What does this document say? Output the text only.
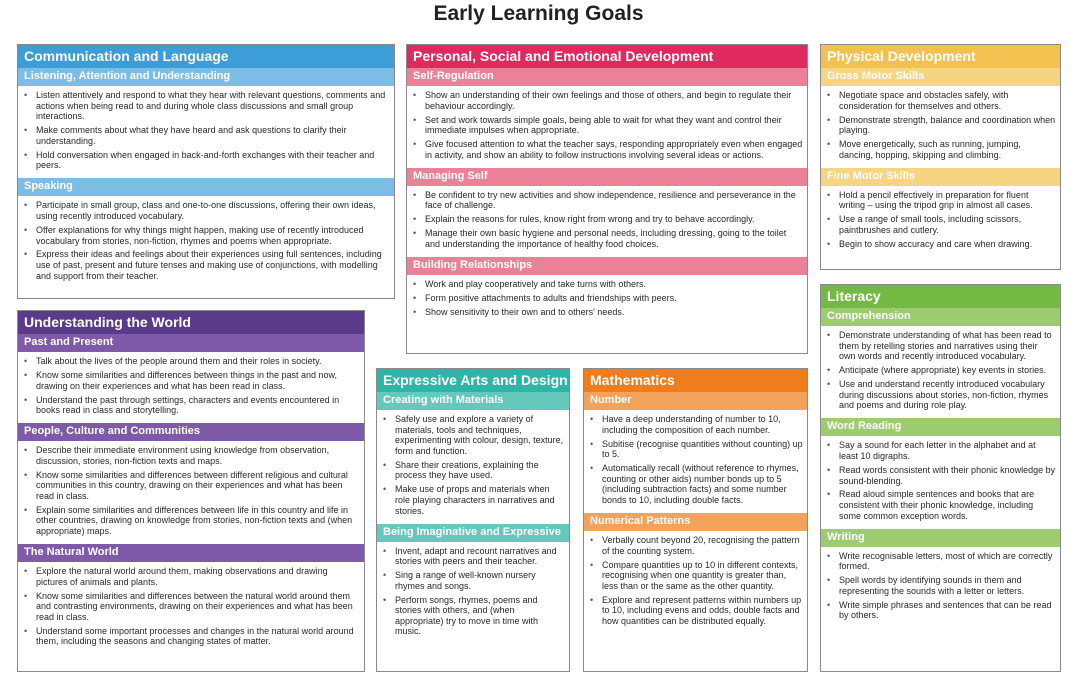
Early Learning Goals
Communication and Language
Listening, Attention and Understanding
• Listen attentively and respond to what they hear with relevant questions, comments and actions when being read to and during whole class discussions and small group interactions.
• Make comments about what they have heard and ask questions to clarify their understanding.
• Hold conversation when engaged in back-and-forth exchanges with their teacher and peers.
Speaking
• Participate in small group, class and one-to-one discussions, offering their own ideas, using recently introduced vocabulary.
• Offer explanations for why things might happen, making use of recently introduced vocabulary from stories, non-fiction, rhymes and poems when appropriate.
• Express their ideas and feelings about their experiences using full sentences, including use of past, present and future tenses and making use of conjunctions, with modelling and support from their teacher.
Personal, Social and Emotional Development
Self-Regulation
• Show an understanding of their own feelings and those of others, and begin to regulate their behaviour accordingly.
• Set and work towards simple goals, being able to wait for what they want and control their immediate impulses when appropriate.
• Give focused attention to what the teacher says, responding appropriately even when engaged in activity, and show an ability to follow instructions involving several ideas or actions.
Managing Self
• Be confident to try new activities and show independence, resilience and perseverance in the face of challenge.
• Explain the reasons for rules, know right from wrong and try to behave accordingly.
• Manage their own basic hygiene and personal needs, including dressing, going to the toilet and understanding the importance of healthy food choices.
Building Relationships
• Work and play cooperatively and take turns with others.
• Form positive attachments to adults and friendships with peers.
• Show sensitivity to their own and to others' needs.
Physical Development
Gross Motor Skills
• Negotiate space and obstacles safely, with consideration for themselves and others.
• Demonstrate strength, balance and coordination when playing.
• Move energetically, such as running, jumping, dancing, hopping, skipping and climbing.
Fine Motor Skills
• Hold a pencil effectively in preparation for fluent writing – using the tripod grip in almost all cases.
• Use a range of small tools, including scissors, paintbrushes and cutlery.
• Begin to show accuracy and care when drawing.
Literacy
Comprehension
• Demonstrate understanding of what has been read to them by retelling stories and narratives using their own words and recently introduced vocabulary.
• Anticipate (where appropriate) key events in stories.
• Use and understand recently introduced vocabulary during discussions about stories, non-fiction, rhymes and poems and during role play.
Word Reading
• Say a sound for each letter in the alphabet and at least 10 digraphs.
• Read words consistent with their phonic knowledge by sound-blending.
• Read aloud simple sentences and books that are consistent with their phonic knowledge, including some common exception words.
Writing
• Write recognisable letters, most of which are correctly formed.
• Spell words by identifying sounds in them and representing the sounds with a letter or letters.
• Write simple phrases and sentences that can be read by others.
Understanding the World
Past and Present
• Talk about the lives of the people around them and their roles in society.
• Know some similarities and differences between things in the past and now, drawing on their experiences and what has been read in class.
• Understand the past through settings, characters and events encountered in books read in class and storytelling.
People, Culture and Communities
• Describe their immediate environment using knowledge from observation, discussion, stories, non-fiction texts and maps.
• Know some similarities and differences between different religious and cultural communities in this country, drawing on their experiences and what has been read in class.
• Explain some similarities and differences between life in this country and life in other countries, drawing on knowledge from stories, non-fiction texts and (when appropriate) maps.
The Natural World
• Explore the natural world around them, making observations and drawing pictures of animals and plants.
• Know some similarities and differences between the natural world around them and contrasting environments, drawing on their experiences and what has been read in class.
• Understand some important processes and changes in the natural world around them, including the seasons and changing states of matter.
Expressive Arts and Design
Creating with Materials
• Safely use and explore a variety of materials, tools and techniques, experimenting with colour, design, texture, form and function.
• Share their creations, explaining the process they have used.
• Make use of props and materials when role playing characters in narratives and stories.
Being Imaginative and Expressive
• Invent, adapt and recount narratives and stories with peers and their teacher.
• Sing a range of well-known nursery rhymes and songs.
• Perform songs, rhymes, poems and stories with others, and (when appropriate) try to move in time with music.
Mathematics
Number
• Have a deep understanding of number to 10, including the composition of each number.
• Subitise (recognise quantities without counting) up to 5.
• Automatically recall (without reference to rhymes, counting or other aids) number bonds up to 5 (including subtraction facts) and some number bonds to 10, including double facts.
Numerical Patterns
• Verbally count beyond 20, recognising the pattern of the counting system.
• Compare quantities up to 10 in different contexts, recognising when one quantity is greater than, less than or the same as the other quantity.
• Explore and represent patterns within numbers up to 10, including evens and odds, double facts and how quantities can be distributed equally.
